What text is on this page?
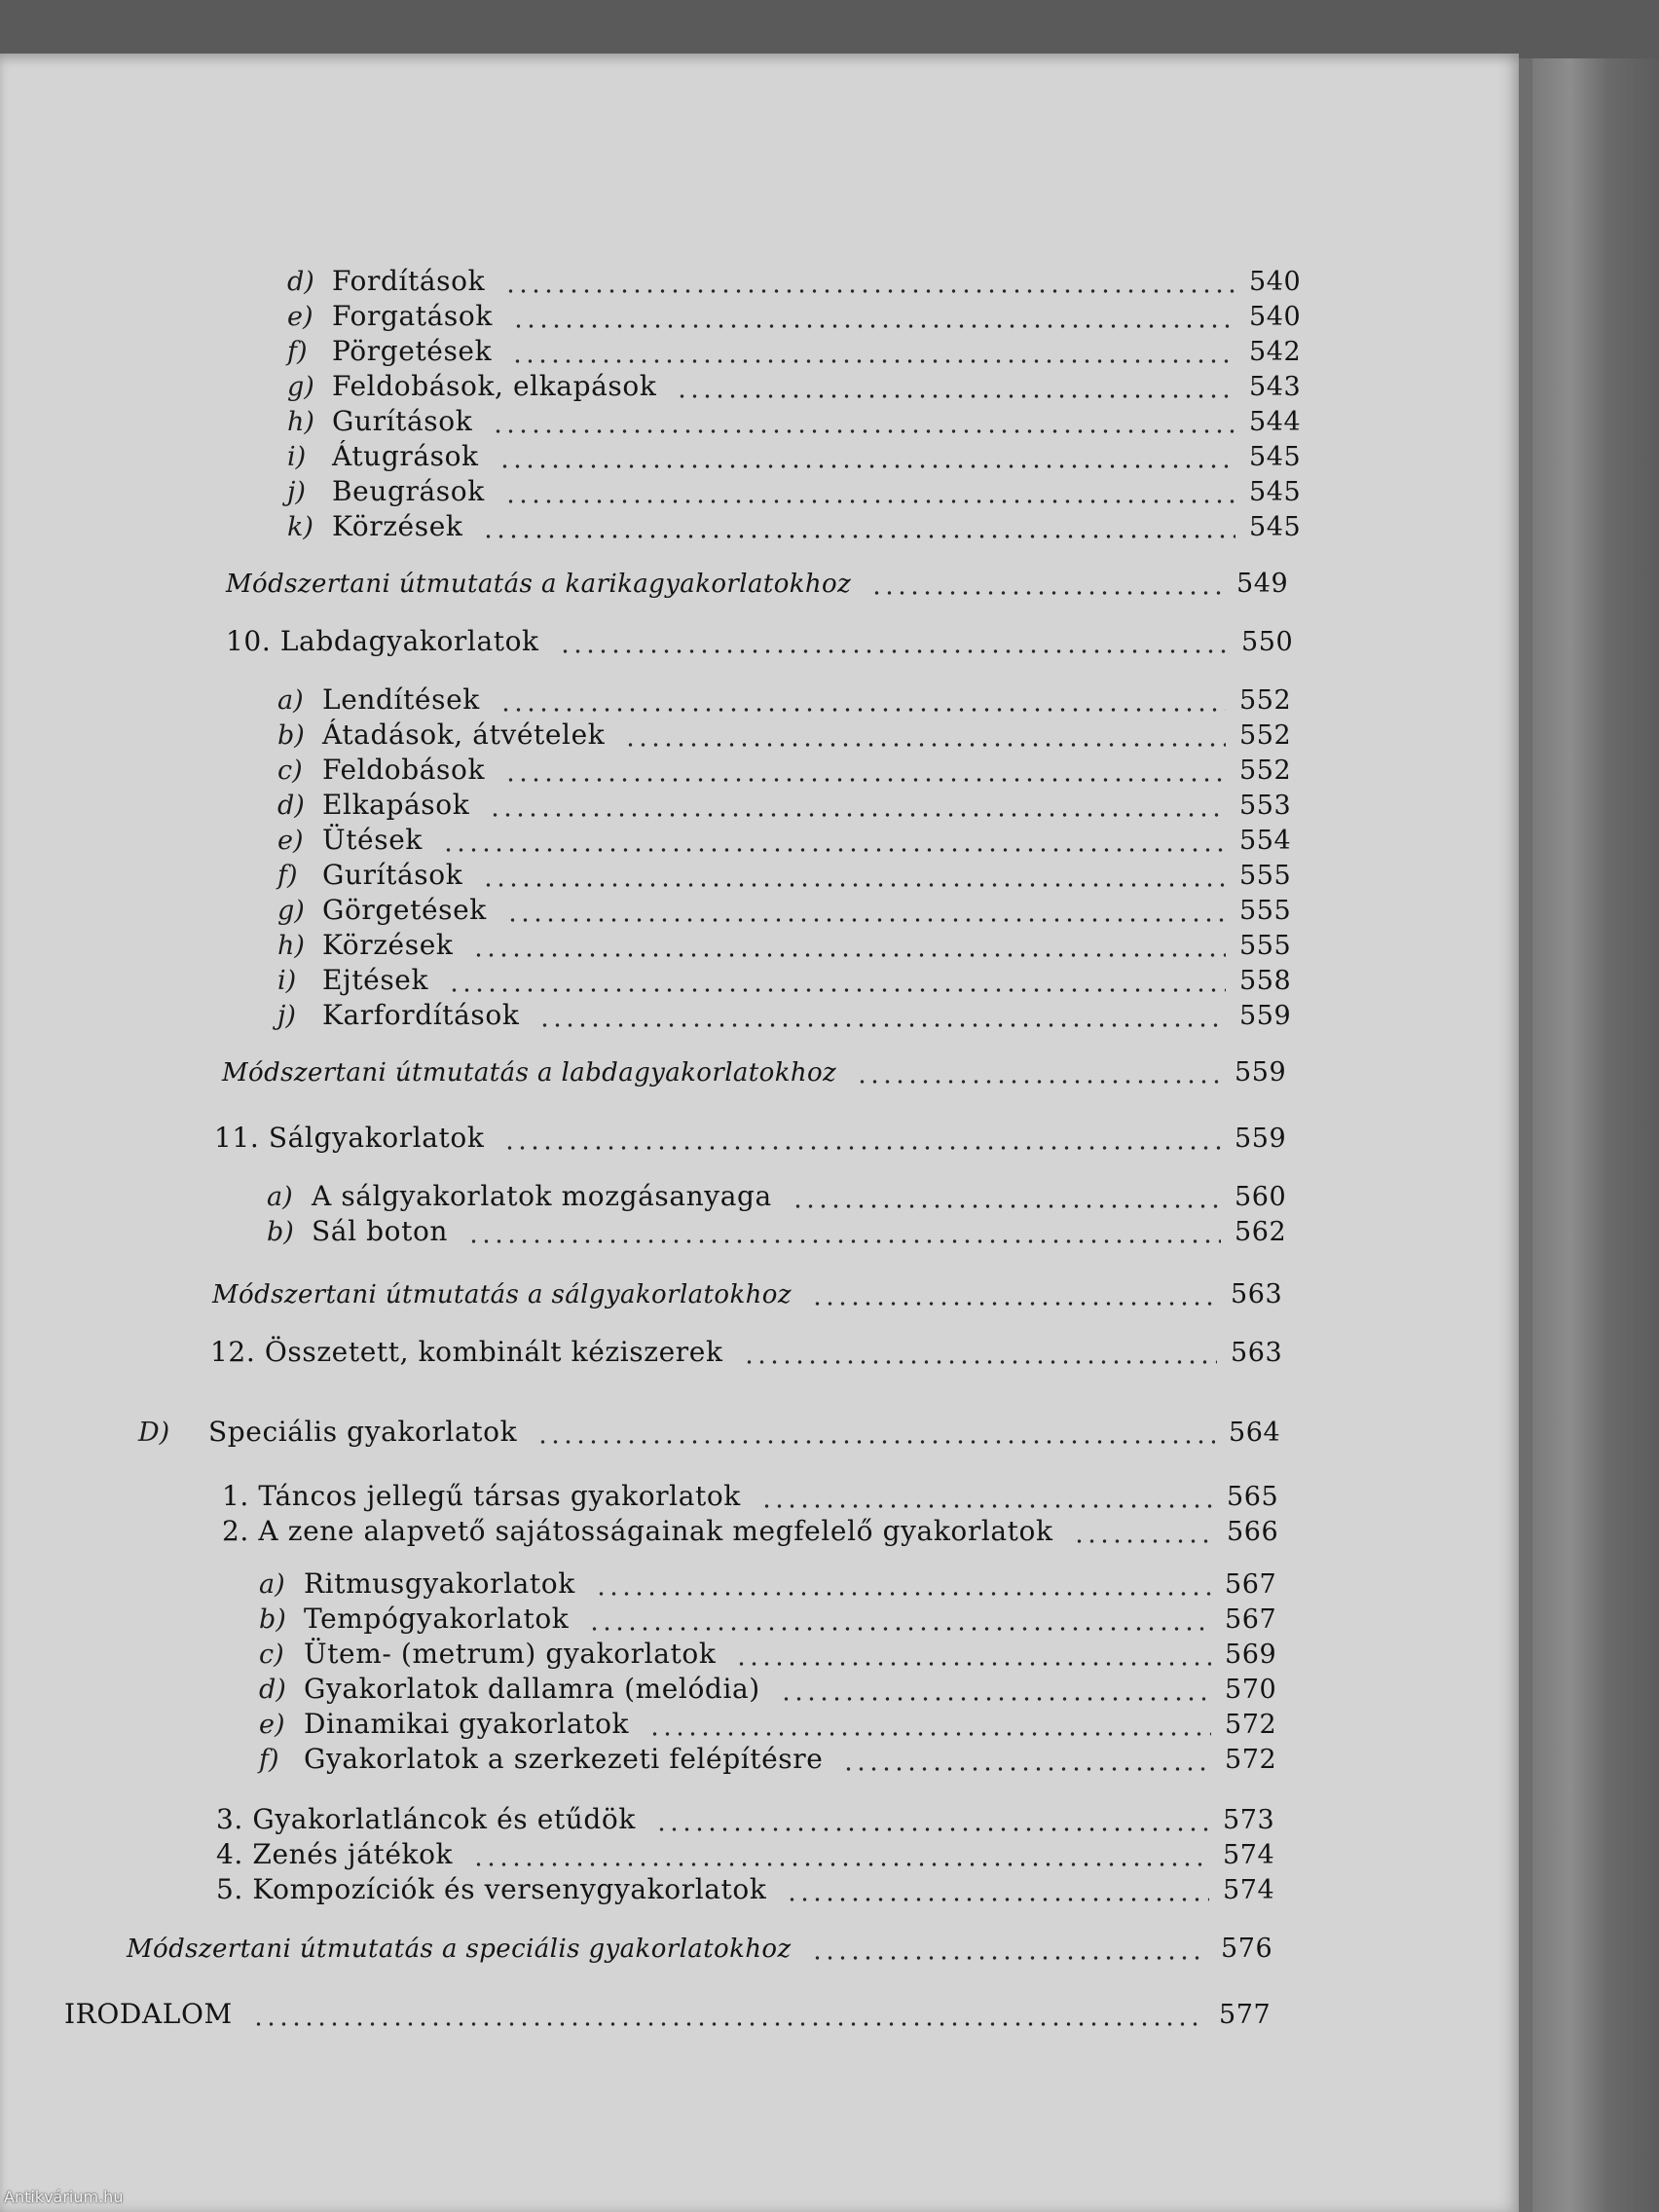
d) Fordítások	540
e) Forgatások	540
f) Pörgetések	542
g) Feldobások, elkapások	543
h) Gurítások	544
i) Átugrások	545
j) Beugrások	545
k) Körzések	545
Módszertani útmutatás a karikagyakorlatokhoz	549
10. Labdagyakorlatok	550
a) Lendítések	552
b) Átadások, átvételek	552
c) Feldobások	552
d) Elkapások	553
e) Ütések	554
f) Gurítások	555
g) Görgetések	555
h) Körzések	555
i) Ejtések	558
j) Karfordítások	559
Módszertani útmutatás a labdagyakorlatokhoz	559
11. Sálgyakorlatok	559
a) A sálgyakorlatok mozgásanyaga	560
b) Sál boton	562
Módszertani útmutatás a sálgyakorlatokhoz	563
12. Összetett, kombinált kéziszerek	563
D)	Speciális gyakorlatok	564
1. Táncos jellegű társas gyakorlatok	565
2. A zene alapvető sajátosságainak megfelelő gyakorlatok	566
a) Ritmusgyakorlatok	567
b) Tempógyakorlatok	567
c) Ütem- (metrum) gyakorlatok	569
d) Gyakorlatok dallamra (melódia)	570
e) Dinamikai gyakorlatok	572
f) Gyakorlatok a szerkezeti felépítésre	572
3. Gyakorlatláncok és etűdök	573
4. Zenés játékok	574
5. Kompozíciók és versenygyakorlatok	574
Módszertani útmutatás a speciális gyakorlatokhoz	576
IRODALOM	577
Antikvárium.hu
